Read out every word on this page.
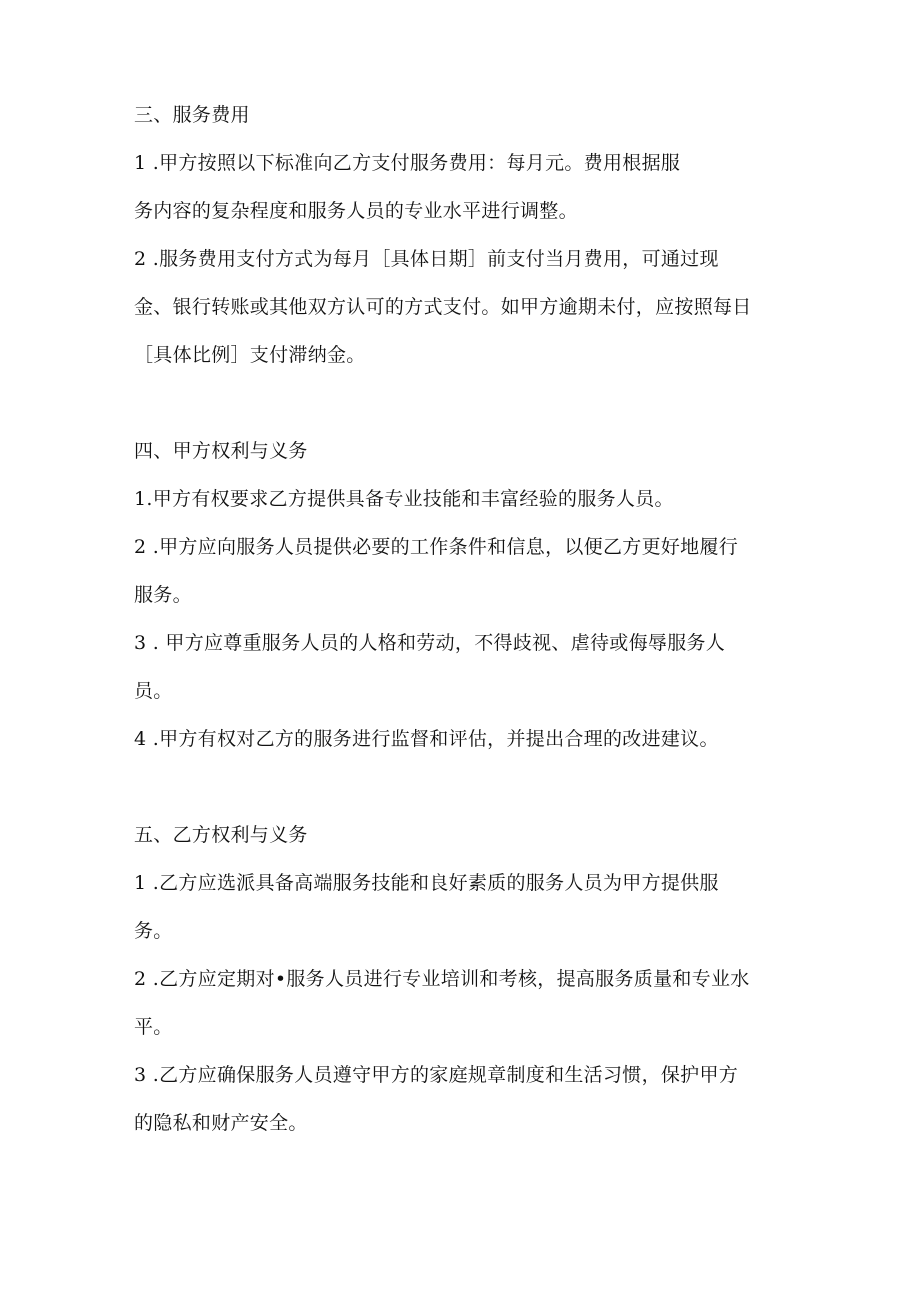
三、服务费用
1 .甲方按照以下标准向乙方支付服务费用：每月元。费用根据服
务内容的复杂程度和服务人员的专业水平进行调整。
2 .服务费用支付方式为每月［具体日期］前支付当月费用，可通过现
金、银行转账或其他双方认可的方式支付。如甲方逾期未付，应按照每日
［具体比例］支付滞纳金。
四、甲方权利与义务
1.甲方有权要求乙方提供具备专业技能和丰富经验的服务人员。
2 .甲方应向服务人员提供必要的工作条件和信息，以便乙方更好地履行
服务。
3 . 甲方应尊重服务人员的人格和劳动，不得歧视、虐待或侮辱服务人
员。
4 .甲方有权对乙方的服务进行监督和评估，并提出合理的改进建议。
五、乙方权利与义务
1 .乙方应选派具备高端服务技能和良好素质的服务人员为甲方提供服
务。
2 .乙方应定期对•服务人员进行专业培训和考核，提高服务质量和专业水
平。
3 .乙方应确保服务人员遵守甲方的家庭规章制度和生活习惯，保护甲方
的隐私和财产安全。
